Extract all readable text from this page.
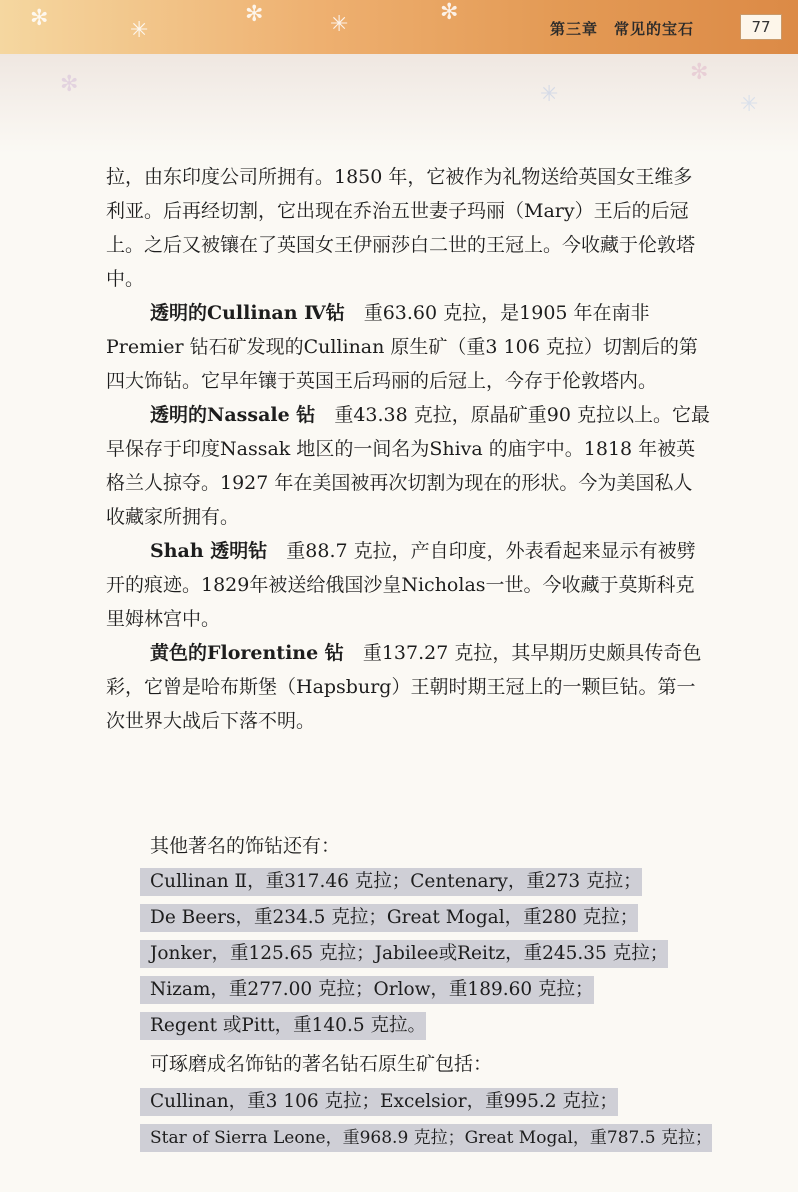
✻	✳
✻	✳	✻
第三章　常见的宝石	77
✻	✳
✻
✳

拉，由东印度公司所拥有。1850 年，它被作为礼物送给英国女王维多利亚。后再经切割，它出现在乔治五世妻子玛丽（Mary）王后的后冠上。之后又被镶在了英国女王伊丽莎白二世的王冠上。今收藏于伦敦塔中。

透明的Cullinan Ⅳ钻　重63.60 克拉，是1905 年在南非Premier 钻石矿发现的Cullinan 原生矿（重3 106 克拉）切割后的第四大饰钻。它早年镶于英国王后玛丽的后冠上，今存于伦敦塔内。

透明的Nassale 钻　重43.38 克拉，原晶矿重90 克拉以上。它最早保存于印度Nassak 地区的一间名为Shiva 的庙宇中。1818 年被英格兰人掠夺。1927 年在美国被再次切割为现在的形状。今为美国私人收藏家所拥有。

Shah 透明钻　重88.7 克拉，产自印度，外表看起来显示有被劈开的痕迹。1829年被送给俄国沙皇Nicholas一世。今收藏于莫斯科克里姆林宫中。

黄色的Florentine 钻　重137.27 克拉，其早期历史颇具传奇色彩，它曾是哈布斯堡（Hapsburg）王朝时期王冠上的一颗巨钻。第一次世界大战后下落不明。

其他著名的饰钻还有：
Cullinan Ⅱ，重317.46 克拉；Centenary，重273 克拉；
De Beers，重234.5 克拉；Great Mogal，重280 克拉；
Jonker，重125.65 克拉；Jabilee或Reitz，重245.35 克拉；
Nizam，重277.00 克拉；Orlow，重189.60 克拉；
Regent 或Pitt，重140.5 克拉。
可琢磨成名饰钻的著名钻石原生矿包括：
Cullinan，重3 106 克拉；Excelsior，重995.2 克拉；
Star of Sierra Leone，重968.9 克拉；Great Mogal，重787.5 克拉；
